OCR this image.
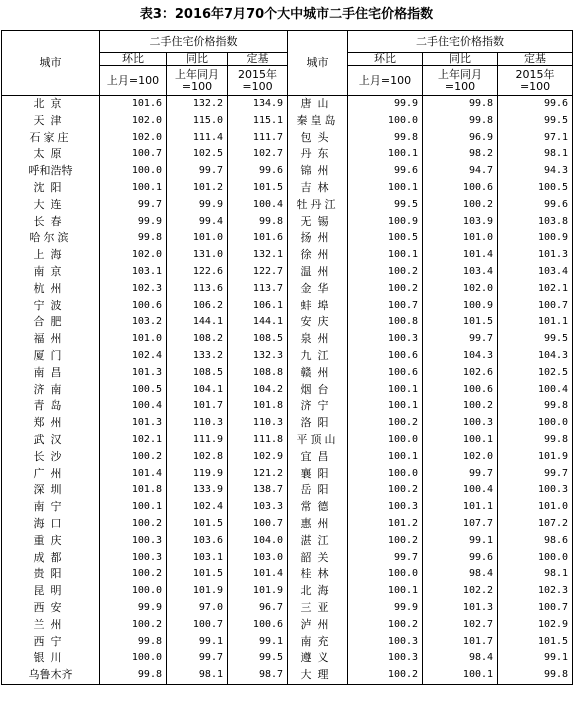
表3：2016年7月70个大中城市二手住宅价格指数
城市	二手住宅价格指数			城市	二手住宅价格指数		
	环比	同比	定基		环比	同比	定基
	上月=100	上年同月=100	2015年=100		上月=100	上年同月=100	2015年=100
北京	101.6	132.2	134.9	唐山	99.9	99.8	99.6
天津	102.0	115.0	115.1	秦皇岛	100.0	99.8	99.5
石家庄	102.0	111.4	111.7	包头	99.8	96.9	97.1
太原	100.7	102.5	102.7	丹东	100.1	98.2	98.1
呼和浩特	100.0	99.7	99.6	锦州	99.6	94.7	94.3
沈阳	100.1	101.2	101.5	吉林	100.1	100.6	100.5
大连	99.7	99.9	100.4	牡丹江	99.5	100.2	99.6
长春	99.9	99.4	99.8	无锡	100.9	103.9	103.8
哈尔滨	99.8	101.0	101.6	扬州	100.5	101.0	100.9
上海	102.0	131.0	132.1	徐州	100.1	101.4	101.3
南京	103.1	122.6	122.7	温州	100.2	103.4	103.4
杭州	102.3	113.6	113.7	金华	100.2	102.0	102.1
宁波	100.6	106.2	106.1	蚌埠	100.7	100.9	100.7
合肥	103.2	144.1	144.1	安庆	100.8	101.5	101.1
福州	101.0	108.2	108.5	泉州	100.3	99.7	99.5
厦门	102.4	133.2	132.3	九江	100.6	104.3	104.3
南昌	101.3	108.5	108.8	赣州	100.6	102.6	102.5
济南	100.5	104.1	104.2	烟台	100.1	100.6	100.4
青岛	100.4	101.7	101.8	济宁	100.1	100.2	99.8
郑州	101.3	110.3	110.3	洛阳	100.2	100.3	100.0
武汉	102.1	111.9	111.8	平顶山	100.0	100.1	99.8
长沙	100.2	102.8	102.9	宜昌	100.1	102.0	101.9
广州	101.4	119.9	121.2	襄阳	100.0	99.7	99.7
深圳	101.8	133.9	138.7	岳阳	100.2	100.4	100.3
南宁	100.1	102.4	103.3	常德	100.3	101.1	101.0
海口	100.2	101.5	100.7	惠州	101.2	107.7	107.2
重庆	100.3	103.6	104.0	湛江	100.2	99.1	98.6
成都	100.3	103.1	103.0	韶关	99.7	99.6	100.0
贵阳	100.2	101.5	101.4	桂林	100.0	98.4	98.1
昆明	100.0	101.9	101.9	北海	100.1	102.2	102.3
西安	99.9	97.0	96.7	三亚	99.9	101.3	100.7
兰州	100.2	100.7	100.6	泸州	100.2	102.7	102.9
西宁	99.8	99.1	99.1	南充	100.3	101.7	101.5
银川	100.0	99.7	99.5	遵义	100.3	98.4	99.1
乌鲁木齐	99.8	98.1	98.7	大理	100.2	100.1	99.8
